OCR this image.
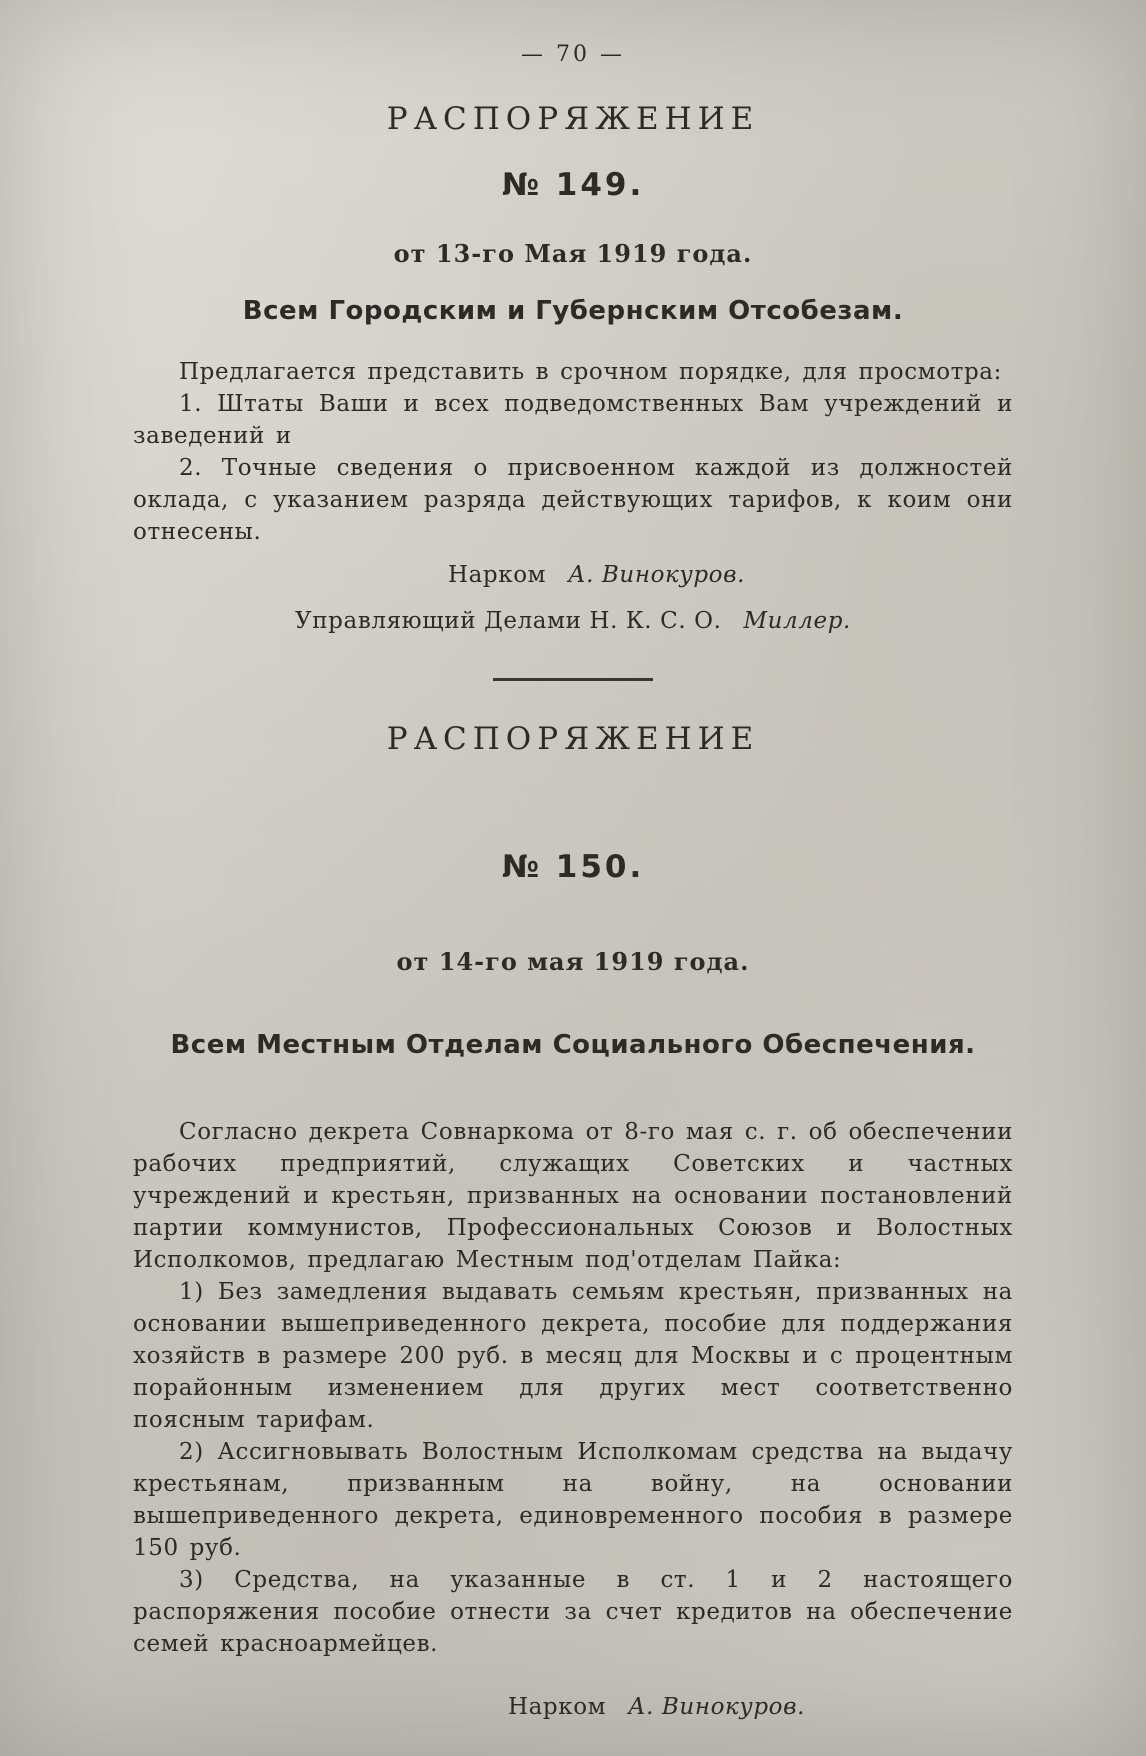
— 70 —
РАСПОРЯЖЕНИЕ
№ 149.
от 13-го Мая 1919 года.
Всем Городским и Губернским Отсобезам.

Предлагается представить в срочном порядке, для просмотра:

1. Штаты Ваши и всех подведомственных Вам учреждений и заведений и

2. Точные сведения о присвоенном каждой из должностей оклада, с указанием разряда действующих тарифов, к коим они отнесены.

Нарком А. Винокуров.
Управляющий Делами Н. К. С. О. Миллер.
РАСПОРЯЖЕНИЕ
№ 150.
от 14-го мая 1919 года.
Всем Местным Отделам Социального Обеспечения.

Согласно декрета Совнаркома от 8-го мая с. г. об обеспечении рабочих предприятий, служащих Советских и частных учреждений и крестьян, призванных на основании постановлений партии коммунистов, Профессиональных Союзов и Волостных Исполкомов, предлагаю Местным под'отделам Пайка:

1) Без замедления выдавать семьям крестьян, призванных на основании вышеприведенного декрета, пособие для поддержания хозяйств в размере 200 руб. в месяц для Москвы и с процентным порайонным изменением для других мест соответственно поясным тарифам.

2) Ассигновывать Волостным Исполкомам средства на выдачу крестьянам, призванным на войну, на основании вышеприведенного декрета, единовременного пособия в размере 150 руб.

3) Средства, на указанные в ст. 1 и 2 настоящего распоряжения пособие отнести за счет кредитов на обеспечение семей красноармейцев.

Нарком А. Винокуров.
